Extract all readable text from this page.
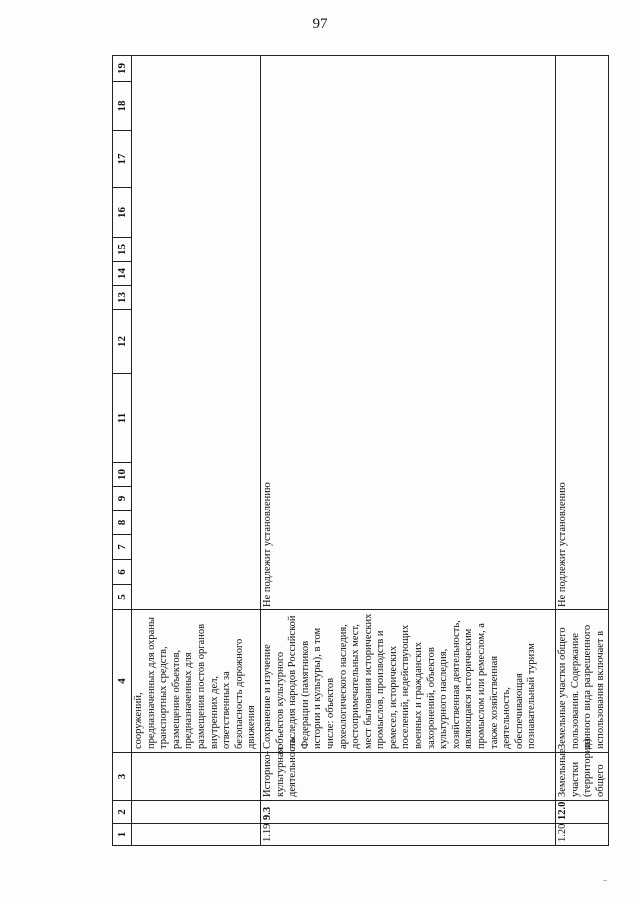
97
1	2	3	4	5	6	7	8	9	10	11	12	13	14	15	16	17	18	19
			сооружений, предназначенных для охраны транспортных средств, размещение объектов, предназначенных для размещения постов органов внутренних дел, ответственных за безопасность дорожного движения															
1.19	9.3	Историко-культурная деятельность	Сохранение и изучение объектов культурного наследия народов Российской Федерации (памятников истории и культуры), в том числе: объектов археологического наследия, достопримечательных мест, мест бытования исторических промыслов, производств и ремесел, исторических поселений, недействующих военных и гражданских захоронений, объектов культурного наследия, хозяйственная деятельность, являющаяся историческим промыслом или ремеслом, а также хозяйственная деятельность, обеспечивающая познавательный туризм	Не подлежит установлению														
1.20	12.0	Земельные участки (территории) общего	Земельные участки общего пользования. Содержание данного вида разрешенного использования включает в	Не подлежит установлению														
